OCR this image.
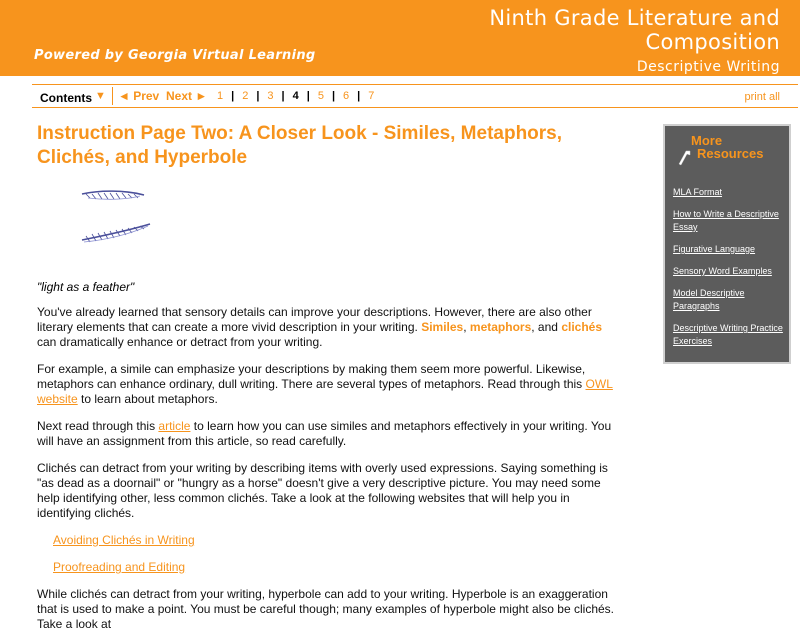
Ninth Grade Literature and Composition
Powered by Georgia Virtual Learning
Descriptive Writing
Contents ▼ ◄ Prev Next ► 1 | 2 | 3 | 4 | 5 | 6 | 7	print all
Instruction Page Two: A Closer Look - Similes, Metaphors, Clichés, and Hyperbole
"light as a feather"

You've already learned that sensory details can improve your descriptions. However, there are also other literary elements that can create a more vivid description in your writing. Similes, metaphors, and clichés can dramatically enhance or detract from your writing.

For example, a simile can emphasize your descriptions by making them seem more powerful. Likewise, metaphors can enhance ordinary, dull writing. There are several types of metaphors. Read through this OWL website to learn about metaphors.

Next read through this article to learn how you can use similes and metaphors effectively in your writing. You will have an assignment from this article, so read carefully.

Clichés can detract from your writing by describing items with overly used expressions. Saying something is "as dead as a doornail" or "hungry as a horse" doesn't give a very descriptive picture. You may need some help identifying other, less common clichés. Take a look at the following websites that will help you in identifying clichés.

Avoiding Clichés in Writing

Proofreading and Editing

While clichés can detract from your writing, hyperbole can add to your writing. Hyperbole is an exaggeration that is used to make a point. You must be careful though; many examples of hyperbole might also be clichés. Take a look at

More
Resources
MLA Format
How to Write a Descriptive Essay
Figurative Language
Sensory Word Examples
Model Descriptive Paragraphs
Descriptive Writing Practice Exercises
